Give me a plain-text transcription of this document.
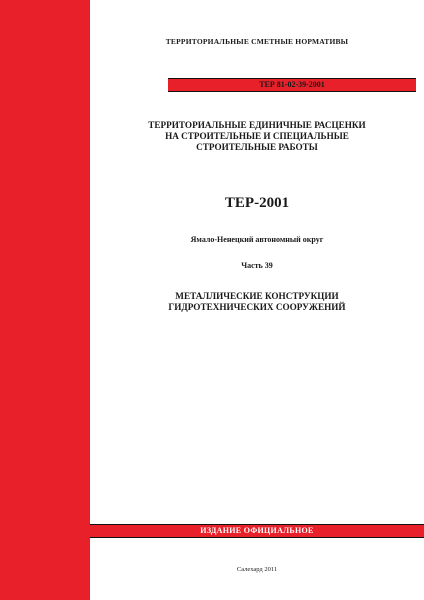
ТЕРРИТОРИАЛЬНЫЕ СМЕТНЫЕ НОРМАТИВЫ
ТЕР 81-02-39-2001
ТЕРРИТОРИАЛЬНЫЕ ЕДИНИЧНЫЕ РАСЦЕНКИ
НА СТРОИТЕЛЬНЫЕ И СПЕЦИАЛЬНЫЕ
СТРОИТЕЛЬНЫЕ РАБОТЫ
ТЕР-2001
Ямало-Ненецкий автономный округ
Часть 39
МЕТАЛЛИЧЕСКИЕ КОНСТРУКЦИИ
ГИДРОТЕХНИЧЕСКИХ СООРУЖЕНИЙ
ИЗДАНИЕ ОФИЦИАЛЬНОЕ
Салехард 2011
